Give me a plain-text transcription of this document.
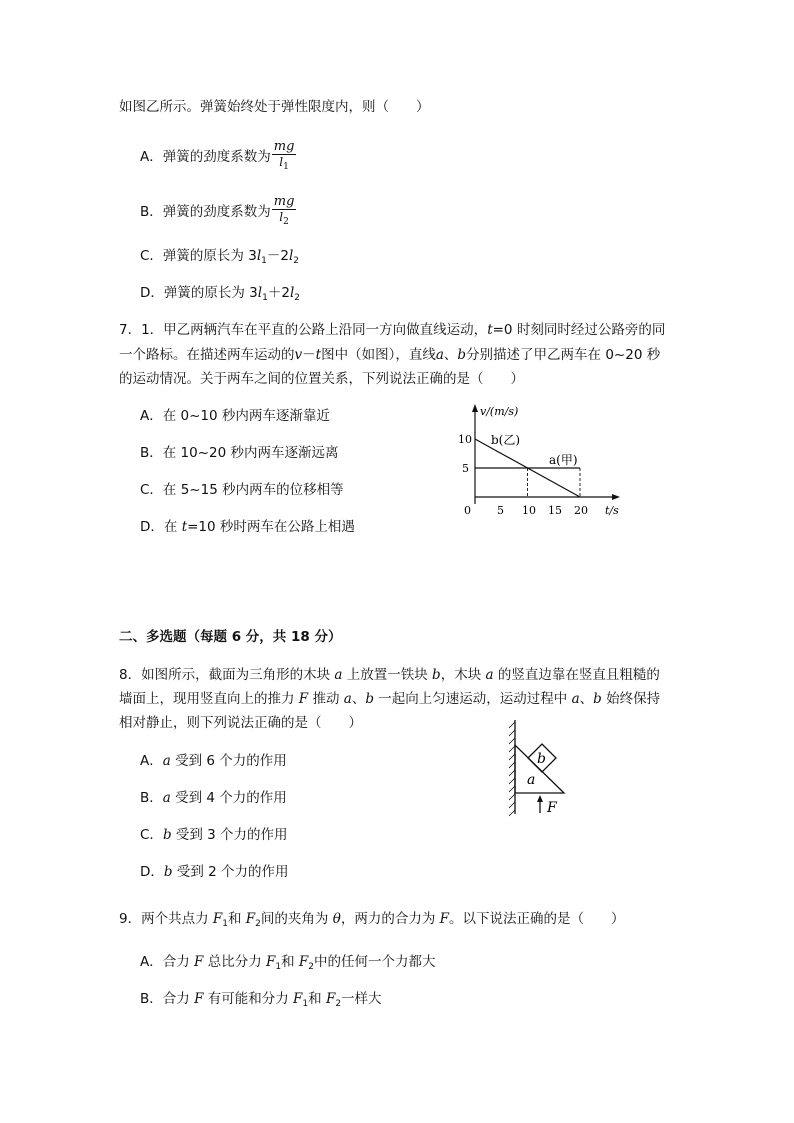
如图乙所示。弹簧始终处于弹性限度内，则（　　）
A．弹簧的劲度系数为 $\frac{mg}{l_1}$
B．弹簧的劲度系数为 $\frac{mg}{l_2}$
C．弹簧的原长为 $3l_1-2l_2$
D．弹簧的原长为 $3l_1+2l_2$
7．1．甲乙两辆汽车在平直的公路上沿同一方向做直线运动，t=0 时刻同时经过公路旁的同
一个路标。在描述两车运动的v－t图中（如图），直线a、b分别描述了甲乙两车在 0~20 秒
的运动情况。关于两车之间的位置关系，下列说法正确的是（　　）
A．在 0~10 秒内两车逐渐靠近
B．在 10~20 秒内两车逐渐远离
C．在 5~15 秒内两车的位移相等
D．在 t=10 秒时两车在公路上相遇
v/(m/s)
t/s
10
5
0 5 10 15 20
b(乙)
a(甲)
二、多选题（每题 6 分，共 18 分）
8．如图所示，截面为三角形的木块 a 上放置一铁块 b，木块 a 的竖直边靠在竖直且粗糙的
墙面上，现用竖直向上的推力 F 推动 a、b 一起向上匀速运动，运动过程中 a、b 始终保持
相对静止，则下列说法正确的是（　　）
A．a 受到 6 个力的作用
B．a 受到 4 个力的作用
C．b 受到 3 个力的作用
D．b 受到 2 个力的作用
b
a
F
9．两个共点力 $F_1$和 $F_2$间的夹角为 θ，两力的合力为 F。以下说法正确的是（　　）
A．合力 F 总比分力 $F_1$和 $F_2$中的任何一个力都大
B．合力 F 有可能和分力 $F_1$和 $F_2$一样大
